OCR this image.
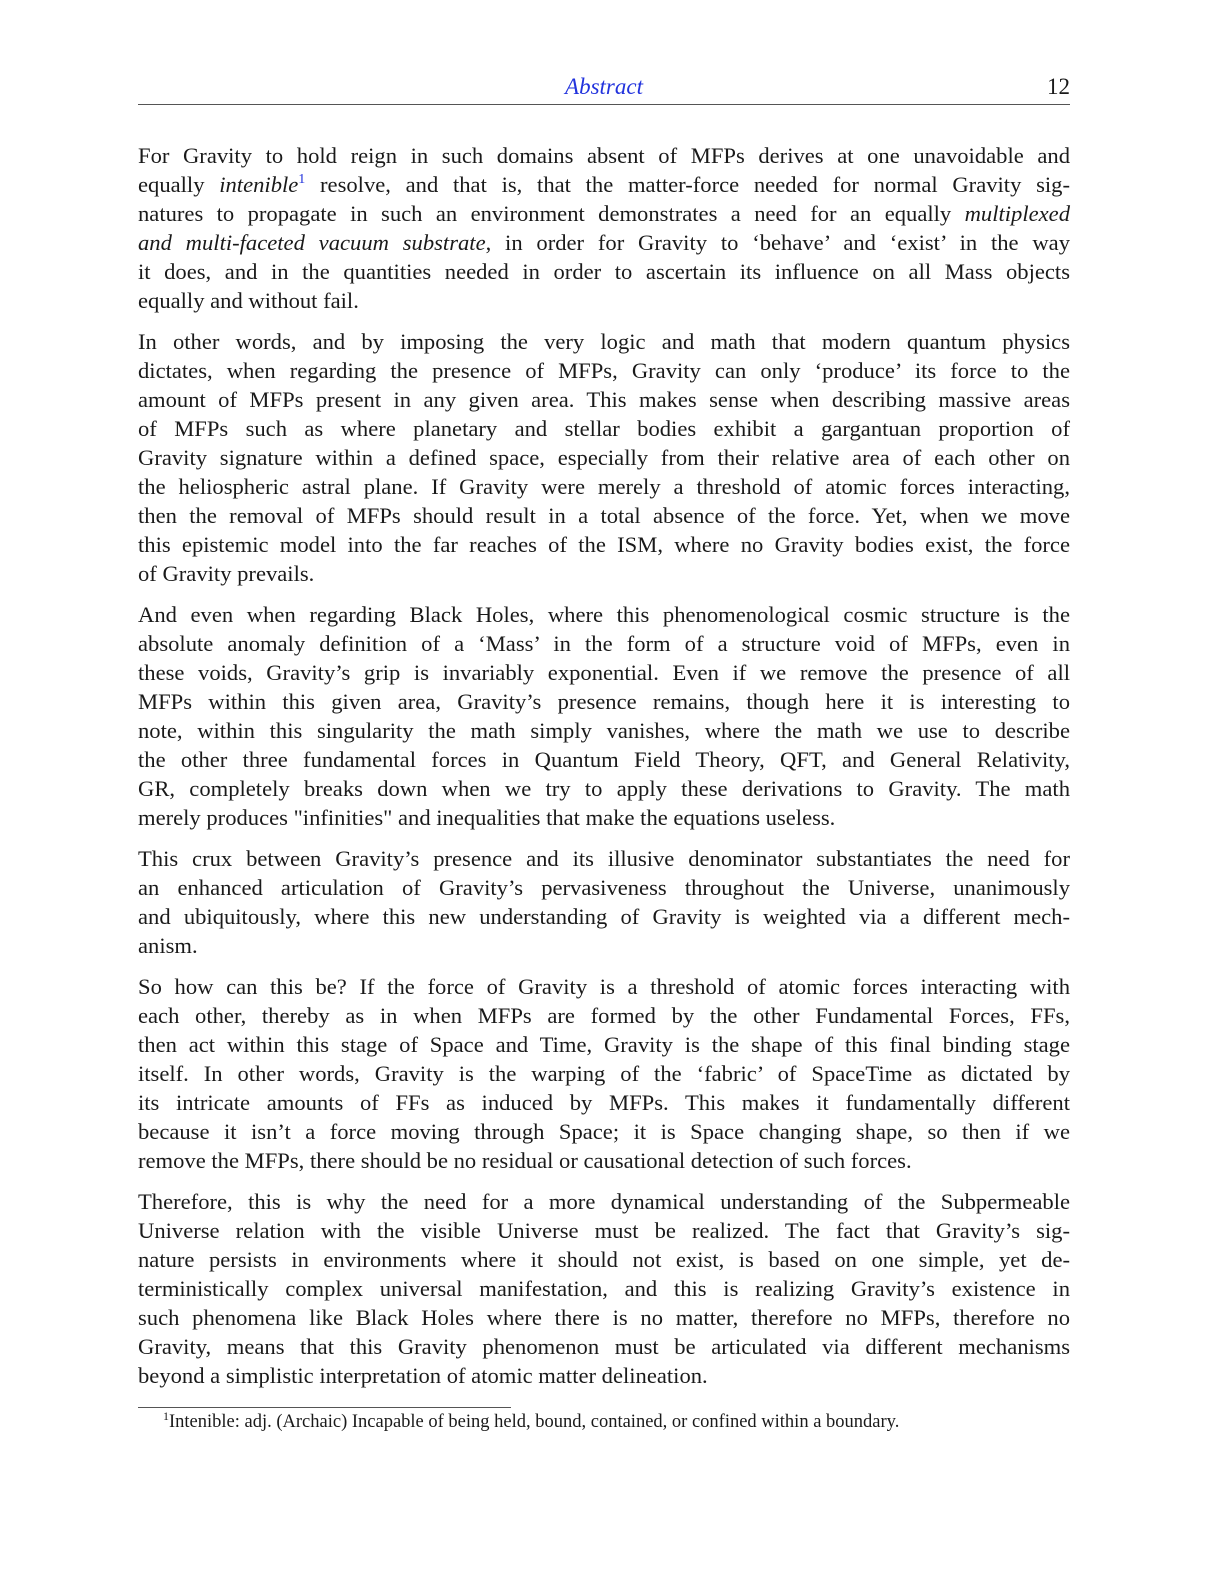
Abstract	12
For Gravity to hold reign in such domains absent of MFPs derives at one unavoidable and
equally intenible$^1$ resolve, and that is, that the matter-force needed for normal Gravity sig-
natures to propagate in such an environment demonstrates a need for an equally multiplexed
and multi-faceted vacuum substrate, in order for Gravity to ‘behave’ and ‘exist’ in the way
it does, and in the quantities needed in order to ascertain its influence on all Mass objects
equally and without fail.
In other words, and by imposing the very logic and math that modern quantum physics
dictates, when regarding the presence of MFPs, Gravity can only ‘produce’ its force to the
amount of MFPs present in any given area. This makes sense when describing massive areas
of MFPs such as where planetary and stellar bodies exhibit a gargantuan proportion of
Gravity signature within a defined space, especially from their relative area of each other on
the heliospheric astral plane. If Gravity were merely a threshold of atomic forces interacting,
then the removal of MFPs should result in a total absence of the force. Yet, when we move
this epistemic model into the far reaches of the ISM, where no Gravity bodies exist, the force
of Gravity prevails.
And even when regarding Black Holes, where this phenomenological cosmic structure is the
absolute anomaly definition of a ‘Mass’ in the form of a structure void of MFPs, even in
these voids, Gravity’s grip is invariably exponential. Even if we remove the presence of all
MFPs within this given area, Gravity’s presence remains, though here it is interesting to
note, within this singularity the math simply vanishes, where the math we use to describe
the other three fundamental forces in Quantum Field Theory, QFT, and General Relativity,
GR, completely breaks down when we try to apply these derivations to Gravity. The math
merely produces "infinities" and inequalities that make the equations useless.
This crux between Gravity’s presence and its illusive denominator substantiates the need for
an enhanced articulation of Gravity’s pervasiveness throughout the Universe, unanimously
and ubiquitously, where this new understanding of Gravity is weighted via a different mech-
anism.
So how can this be? If the force of Gravity is a threshold of atomic forces interacting with
each other, thereby as in when MFPs are formed by the other Fundamental Forces, FFs,
then act within this stage of Space and Time, Gravity is the shape of this final binding stage
itself. In other words, Gravity is the warping of the ‘fabric’ of SpaceTime as dictated by
its intricate amounts of FFs as induced by MFPs. This makes it fundamentally different
because it isn’t a force moving through Space; it is Space changing shape, so then if we
remove the MFPs, there should be no residual or causational detection of such forces.
Therefore, this is why the need for a more dynamical understanding of the Subpermeable
Universe relation with the visible Universe must be realized. The fact that Gravity’s sig-
nature persists in environments where it should not exist, is based on one simple, yet de-
terministically complex universal manifestation, and this is realizing Gravity’s existence in
such phenomena like Black Holes where there is no matter, therefore no MFPs, therefore no
Gravity, means that this Gravity phenomenon must be articulated via different mechanisms
beyond a simplistic interpretation of atomic matter delineation.
$^1$Intenible: adj. (Archaic) Incapable of being held, bound, contained, or confined within a boundary.
